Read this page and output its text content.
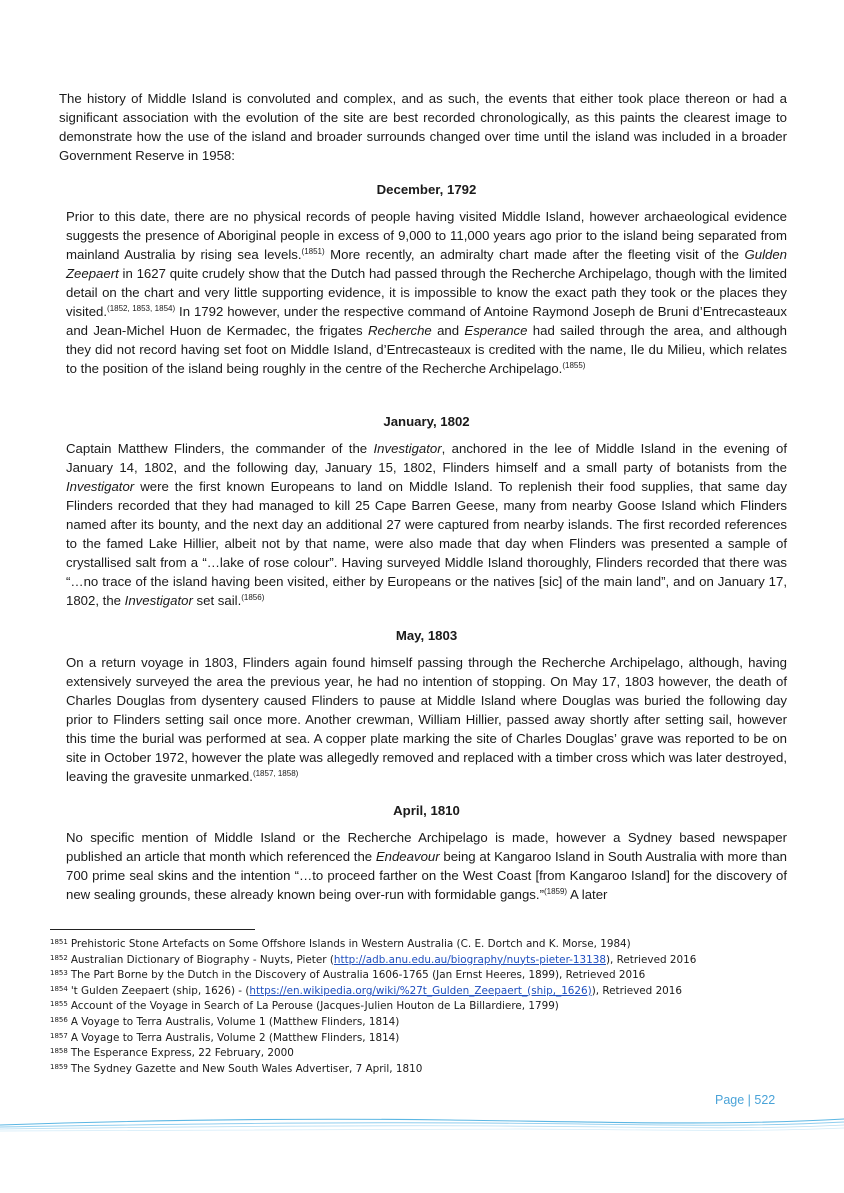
The history of Middle Island is convoluted and complex, and as such, the events that either took place thereon or had a significant association with the evolution of the site are best recorded chronologically, as this paints the clearest image to demonstrate how the use of the island and broader surrounds changed over time until the island was included in a broader Government Reserve in 1958:

December, 1792

Prior to this date, there are no physical records of people having visited Middle Island, however archaeological evidence suggests the presence of Aboriginal people in excess of 9,000 to 11,000 years ago prior to the island being separated from mainland Australia by rising sea levels.$^{(1851)}$ More recently, an admiralty chart made after the fleeting visit of the Gulden Zeepaert in 1627 quite crudely show that the Dutch had passed through the Recherche Archipelago, though with the limited detail on the chart and very little supporting evidence, it is impossible to know the exact path they took or the places they visited.$^{(1852, 1853, 1854)}$ In 1792 however, under the respective command of Antoine Raymond Joseph de Bruni d’Entrecasteaux and Jean-Michel Huon de Kermadec, the frigates Recherche and Esperance had sailed through the area, and although they did not record having set foot on Middle Island, d’Entrecasteaux is credited with the name, Ile du Milieu, which relates to the position of the island being roughly in the centre of the Recherche Archipelago.$^{(1855)}$

January, 1802

Captain Matthew Flinders, the commander of the Investigator, anchored in the lee of Middle Island in the evening of January 14, 1802, and the following day, January 15, 1802, Flinders himself and a small party of botanists from the Investigator were the first known Europeans to land on Middle Island. To replenish their food supplies, that same day Flinders recorded that they had managed to kill 25 Cape Barren Geese, many from nearby Goose Island which Flinders named after its bounty, and the next day an additional 27 were captured from nearby islands. The first recorded references to the famed Lake Hillier, albeit not by that name, were also made that day when Flinders was presented a sample of crystallised salt from a “…lake of rose colour”. Having surveyed Middle Island thoroughly, Flinders recorded that there was “…no trace of the island having been visited, either by Europeans or the natives [sic] of the main land”, and on January 17, 1802, the Investigator set sail.$^{(1856)}$

May, 1803

On a return voyage in 1803, Flinders again found himself passing through the Recherche Archipelago, although, having extensively surveyed the area the previous year, he had no intention of stopping. On May 17, 1803 however, the death of Charles Douglas from dysentery caused Flinders to pause at Middle Island where Douglas was buried the following day prior to Flinders setting sail once more. Another crewman, William Hillier, passed away shortly after setting sail, however this time the burial was performed at sea. A copper plate marking the site of Charles Douglas’ grave was reported to be on site in October 1972, however the plate was allegedly removed and replaced with a timber cross which was later destroyed, leaving the gravesite unmarked.$^{(1857, 1858)}$

April, 1810

No specific mention of Middle Island or the Recherche Archipelago is made, however a Sydney based newspaper published an article that month which referenced the Endeavour being at Kangaroo Island in South Australia with more than 700 prime seal skins and the intention “…to proceed farther on the West Coast [from Kangaroo Island] for the discovery of new sealing grounds, these already known being over-run with formidable gangs.”$^{(1859)}$ A later

$^{1851}$ Prehistoric Stone Artefacts on Some Offshore Islands in Western Australia (C. E. Dortch and K. Morse, 1984)
$^{1852}$ Australian Dictionary of Biography - Nuyts, Pieter (http://adb.anu.edu.au/biography/nuyts-pieter-13138), Retrieved 2016
$^{1853}$ The Part Borne by the Dutch in the Discovery of Australia 1606-1765 (Jan Ernst Heeres, 1899), Retrieved 2016
$^{1854}$ 't Gulden Zeepaert (ship, 1626) - (https://en.wikipedia.org/wiki/%27t_Gulden_Zeepaert_(ship,_1626)), Retrieved 2016
$^{1855}$ Account of the Voyage in Search of La Perouse (Jacques-Julien Houton de La Billardiere, 1799)
$^{1856}$ A Voyage to Terra Australis, Volume 1 (Matthew Flinders, 1814)
$^{1857}$ A Voyage to Terra Australis, Volume 2 (Matthew Flinders, 1814)
$^{1858}$ The Esperance Express, 22 February, 2000
$^{1859}$ The Sydney Gazette and New South Wales Advertiser, 7 April, 1810
Page | 522
